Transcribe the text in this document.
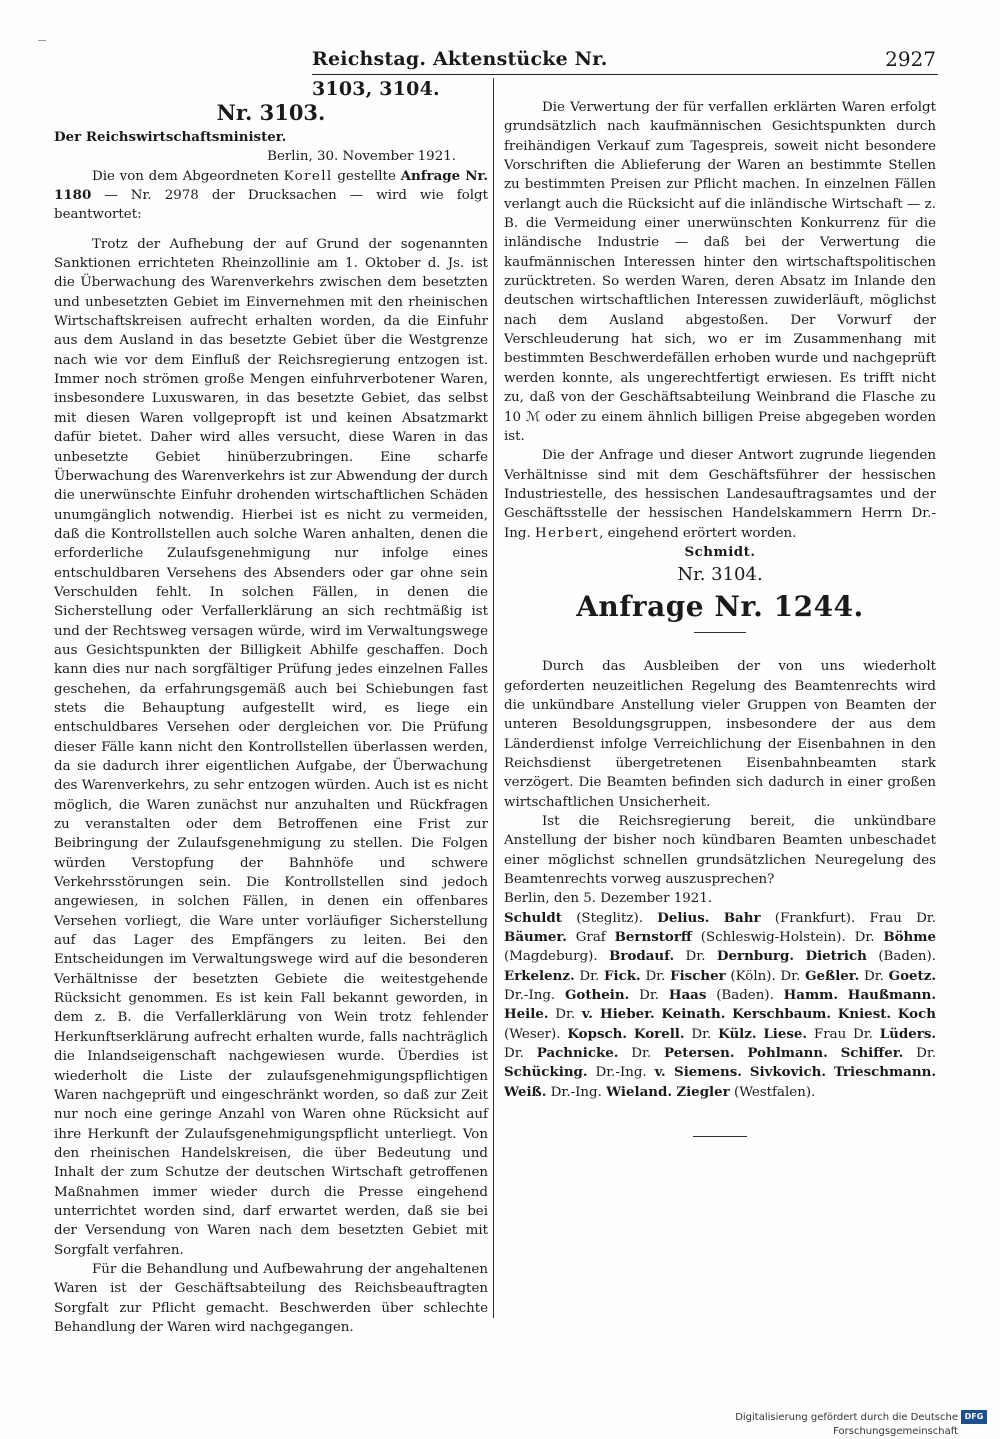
Reichstag. Aktenstücke Nr. 3103, 3104.
2927

Nr. 3103.

Der Reichswirtschaftsminister.

Berlin, 30. November 1921.

Die von dem Abgeordneten Korell gestellte Anfrage Nr. 1180 — Nr. 2978 der Drucksachen — wird wie folgt beantwortet:

Trotz der Aufhebung der auf Grund der sogenannten Sanktionen errichteten Rheinzollinie am 1. Oktober d. Js. ist die Überwachung des Warenverkehrs zwischen dem besetzten und unbesetzten Gebiet im Einvernehmen mit den rheinischen Wirtschaftskreisen aufrecht erhalten worden, da die Einfuhr aus dem Ausland in das besetzte Gebiet über die Westgrenze nach wie vor dem Einfluß der Reichsregierung entzogen ist. Immer noch strömen große Mengen einfuhrverbotener Waren, insbesondere Luxuswaren, in das besetzte Gebiet, das selbst mit diesen Waren vollgepropft ist und keinen Absatzmarkt dafür bietet. Daher wird alles versucht, diese Waren in das unbesetzte Gebiet hinüberzubringen. Eine scharfe Überwachung des Warenverkehrs ist zur Abwendung der durch die unerwünschte Einfuhr drohenden wirtschaftlichen Schäden unumgänglich notwendig. Hierbei ist es nicht zu vermeiden, daß die Kontrollstellen auch solche Waren anhalten, denen die erforderliche Zulaufsgenehmigung nur infolge eines entschuldbaren Versehens des Absenders oder gar ohne sein Verschulden fehlt. In solchen Fällen, in denen die Sicherstellung oder Verfallerklärung an sich rechtmäßig ist und der Rechtsweg versagen würde, wird im Verwaltungswege aus Gesichtspunkten der Billigkeit Abhilfe geschaffen. Doch kann dies nur nach sorgfältiger Prüfung jedes einzelnen Falles geschehen, da erfahrungsgemäß auch bei Schiebungen fast stets die Behauptung aufgestellt wird, es liege ein entschuldbares Versehen oder dergleichen vor. Die Prüfung dieser Fälle kann nicht den Kontrollstellen überlassen werden, da sie dadurch ihrer eigentlichen Aufgabe, der Überwachung des Warenverkehrs, zu sehr entzogen würden. Auch ist es nicht möglich, die Waren zunächst nur anzuhalten und Rückfragen zu veranstalten oder dem Betroffenen eine Frist zur Beibringung der Zulaufsgenehmigung zu stellen. Die Folgen würden Verstopfung der Bahnhöfe und schwere Verkehrsstörungen sein. Die Kontrollstellen sind jedoch angewiesen, in solchen Fällen, in denen ein offenbares Versehen vorliegt, die Ware unter vorläufiger Sicherstellung auf das Lager des Empfängers zu leiten. Bei den Entscheidungen im Verwaltungswege wird auf die besonderen Verhältnisse der besetzten Gebiete die weitestgehende Rücksicht genommen. Es ist kein Fall bekannt geworden, in dem z. B. die Verfallerklärung von Wein trotz fehlender Herkunftserklärung aufrecht erhalten wurde, falls nachträglich die Inlandseigenschaft nachgewiesen wurde. Überdies ist wiederholt die Liste der zulaufsgenehmigungspflichtigen Waren nachgeprüft und eingeschränkt worden, so daß zur Zeit nur noch eine geringe Anzahl von Waren ohne Rücksicht auf ihre Herkunft der Zulaufsgenehmigungspflicht unterliegt. Von den rheinischen Handelskreisen, die über Bedeutung und Inhalt der zum Schutze der deutschen Wirtschaft getroffenen Maßnahmen immer wieder durch die Presse eingehend unterrichtet worden sind, darf erwartet werden, daß sie bei der Versendung von Waren nach dem besetzten Gebiet mit Sorgfalt verfahren.

Für die Behandlung und Aufbewahrung der angehaltenen Waren ist der Geschäftsabteilung des Reichsbeauftragten Sorgfalt zur Pflicht gemacht. Beschwerden über schlechte Behandlung der Waren wird nachgegangen.

Die Verwertung der für verfallen erklärten Waren erfolgt grundsätzlich nach kaufmännischen Gesichtspunkten durch freihändigen Verkauf zum Tagespreis, soweit nicht besondere Vorschriften die Ablieferung der Waren an bestimmte Stellen zu bestimmten Preisen zur Pflicht machen. In einzelnen Fällen verlangt auch die Rücksicht auf die inländische Wirtschaft — z. B. die Vermeidung einer unerwünschten Konkurrenz für die inländische Industrie — daß bei der Verwertung die kaufmännischen Interessen hinter den wirtschaftspolitischen zurücktreten. So werden Waren, deren Absatz im Inlande den deutschen wirtschaftlichen Interessen zuwiderläuft, möglichst nach dem Ausland abgestoßen. Der Vorwurf der Verschleuderung hat sich, wo er im Zusammenhang mit bestimmten Beschwerdefällen erhoben wurde und nachgeprüft werden konnte, als ungerechtfertigt erwiesen. Es trifft nicht zu, daß von der Geschäftsabteilung Weinbrand die Flasche zu 10 ℳ oder zu einem ähnlich billigen Preise abgegeben worden ist.

Die der Anfrage und dieser Antwort zugrunde liegenden Verhältnisse sind mit dem Geschäftsführer der hessischen Industriestelle, des hessischen Landesauftragsamtes und der Geschäftsstelle der hessischen Handelskammern Herrn Dr.-Ing. Herbert, eingehend erörtert worden.

Schmidt.

Nr. 3104.

Anfrage Nr. 1244.

Durch das Ausbleiben der von uns wiederholt geforderten neuzeitlichen Regelung des Beamtenrechts wird die unkündbare Anstellung vieler Gruppen von Beamten der unteren Besoldungsgruppen, insbesondere der aus dem Länderdienst infolge Verreichlichung der Eisenbahnen in den Reichsdienst übergetretenen Eisenbahnbeamten stark verzögert. Die Beamten befinden sich dadurch in einer großen wirtschaftlichen Unsicherheit.

Ist die Reichsregierung bereit, die unkündbare Anstellung der bisher noch kündbaren Beamten unbeschadet einer möglichst schnellen grundsätzlichen Neuregelung des Beamtenrechts vorweg auszusprechen?

Berlin, den 5. Dezember 1921.

Schuldt (Steglitz). Delius. Bahr (Frankfurt). Frau Dr. Bäumer. Graf Bernstorff (Schleswig-Holstein). Dr. Böhme (Magdeburg). Brodauf. Dr. Dernburg. Dietrich (Baden). Erkelenz. Dr. Fick. Dr. Fischer (Köln). Dr. Geßler. Dr. Goetz. Dr.-Ing. Gothein. Dr. Haas (Baden). Hamm. Haußmann. Heile. Dr. v. Hieber. Keinath. Kerschbaum. Kniest. Koch (Weser). Kopsch. Korell. Dr. Külz. Liese. Frau Dr. Lüders. Dr. Pachnicke. Dr. Petersen. Pohlmann. Schiffer. Dr. Schücking. Dr.-Ing. v. Siemens. Sivkovich. Trieschmann. Weiß. Dr.-Ing. Wieland. Ziegler (Westfalen).

Digitalisierung gefördert durch die Deutsche Forschungsgemeinschaft
DFG
